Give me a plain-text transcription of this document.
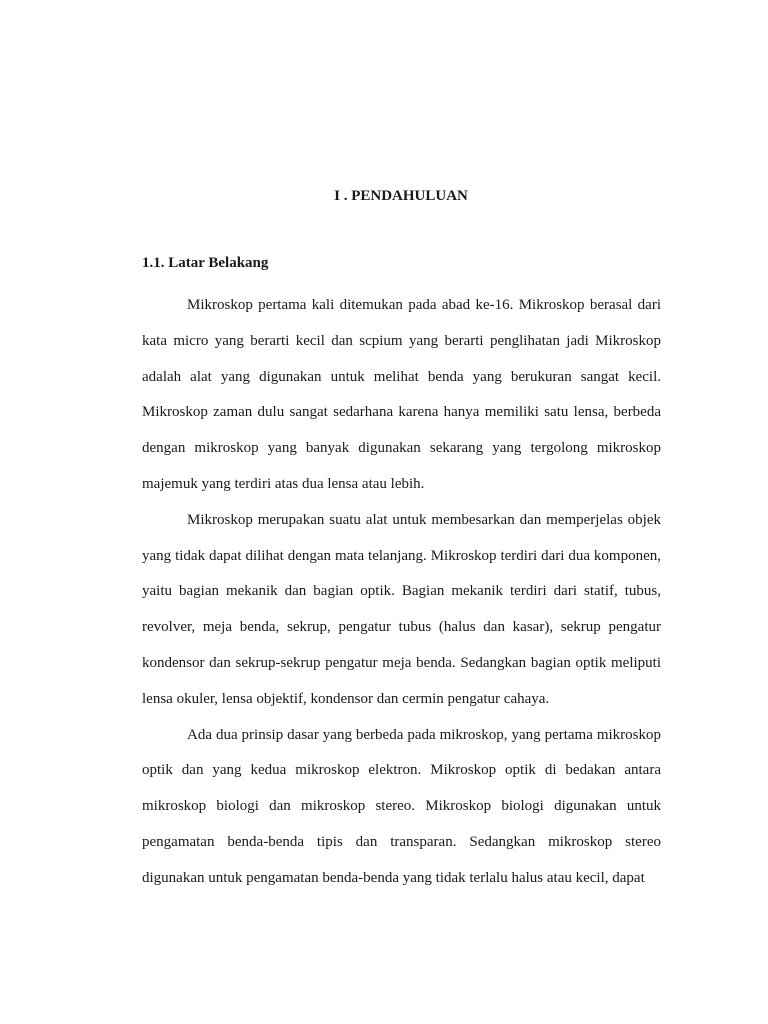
I . PENDAHULUAN
1.1. Latar Belakang

Mikroskop pertama kali ditemukan pada abad ke-16. Mikroskop berasal dari kata micro yang berarti kecil dan scpium yang berarti penglihatan jadi Mikroskop adalah alat yang digunakan untuk melihat benda yang berukuran sangat kecil. Mikroskop zaman dulu sangat sedarhana karena hanya memiliki satu lensa, berbeda dengan mikroskop yang banyak digunakan sekarang yang tergolong mikroskop majemuk yang terdiri atas dua lensa atau lebih.

Mikroskop merupakan suatu alat untuk membesarkan dan memperjelas objek yang tidak dapat dilihat dengan mata telanjang. Mikroskop terdiri dari dua komponen, yaitu bagian mekanik dan bagian optik. Bagian mekanik terdiri dari statif, tubus, revolver, meja benda, sekrup, pengatur tubus (halus dan kasar), sekrup pengatur kondensor dan sekrup-sekrup pengatur meja benda. Sedangkan bagian optik meliputi lensa okuler, lensa objektif, kondensor dan cermin pengatur cahaya.

Ada dua prinsip dasar yang berbeda pada mikroskop, yang pertama mikroskop optik dan yang kedua mikroskop elektron. Mikroskop optik di bedakan antara mikroskop biologi dan mikroskop stereo. Mikroskop biologi digunakan untuk pengamatan benda-benda tipis dan transparan. Sedangkan mikroskop stereo digunakan untuk pengamatan benda-benda yang tidak terlalu halus atau kecil, dapat
